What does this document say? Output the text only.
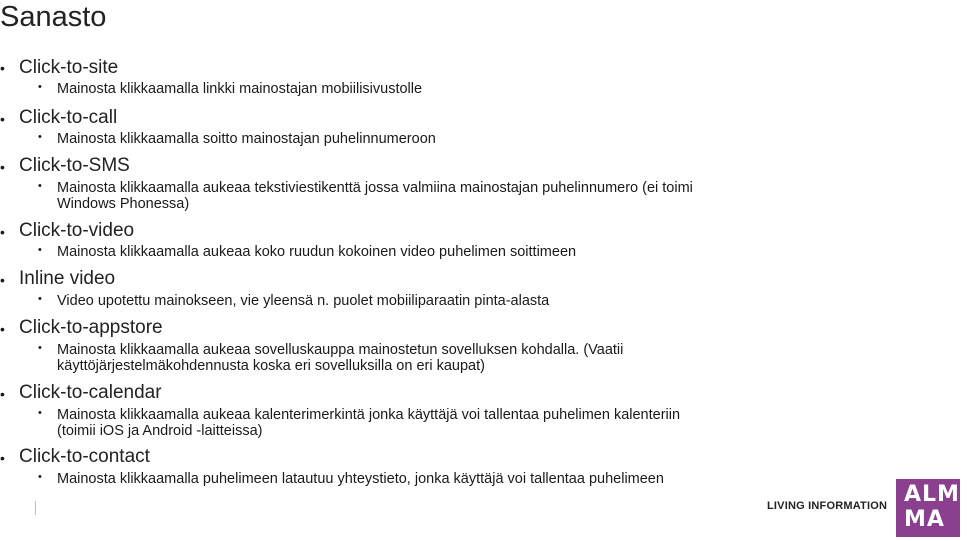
Sanasto
• Click-to-site
• Mainosta klikkaamalla linkki mainostajan mobiilisivustolle
• Click-to-call
• Mainosta klikkaamalla soitto mainostajan puhelinnumeroon
• Click-to-SMS
• Mainosta klikkaamalla aukeaa tekstiviestikenttä jossa valmiina mainostajan puhelinnumero (ei toimi
Windows Phonessa)
• Click-to-video
• Mainosta klikkaamalla aukeaa koko ruudun kokoinen video puhelimen soittimeen
• Inline video
• Video upotettu mainokseen, vie yleensä n. puolet mobiiliparaatin pinta-alasta
• Click-to-appstore
• Mainosta klikkaamalla aukeaa sovelluskauppa mainostetun sovelluksen kohdalla. (Vaatii
käyttöjärjestelmäkohdennusta koska eri sovelluksilla on eri kaupat)
• Click-to-calendar
• Mainosta klikkaamalla aukeaa kalenterimerkintä jonka käyttäjä voi tallentaa puhelimen kalenteriin
(toimii iOS ja Android -laitteissa)
• Click-to-contact
• Mainosta klikkaamalla puhelimeen latautuu yhteystieto, jonka käyttäjä voi tallentaa puhelimeen
LIVING INFORMATION ALMA
MA
